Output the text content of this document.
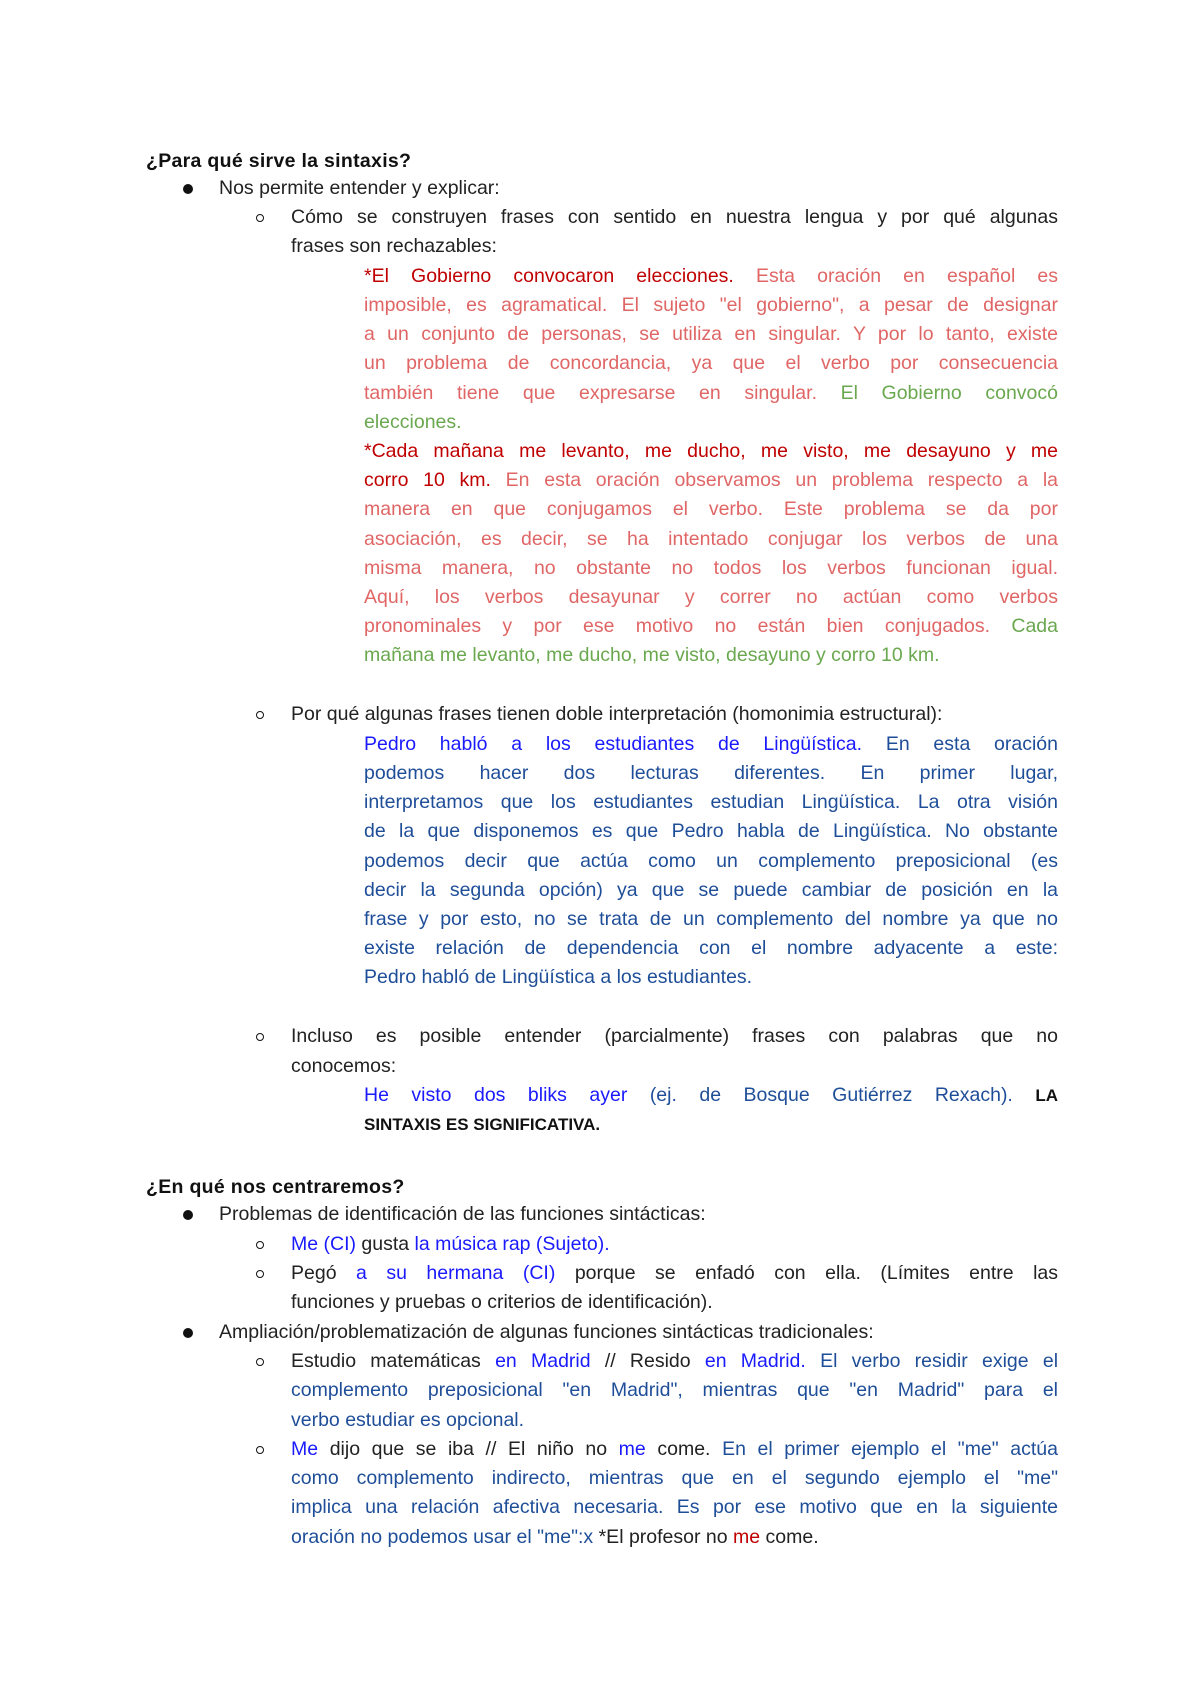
¿Para qué sirve la sintaxis?
Nos permite entender y explicar:
Cómo se construyen frases con sentido en nuestra lengua y por qué algunas
frases son rechazables:
*El Gobierno convocaron elecciones. Esta oración en español es
imposible, es agramatical. El sujeto "el gobierno", a pesar de designar
a un conjunto de personas, se utiliza en singular. Y por lo tanto, existe
un problema de concordancia, ya que el verbo por consecuencia
también tiene que expresarse en singular. El Gobierno convocó
elecciones.
*Cada mañana me levanto, me ducho, me visto, me desayuno y me
corro 10 km. En esta oración observamos un problema respecto a la
manera en que conjugamos el verbo. Este problema se da por
asociación, es decir, se ha intentado conjugar los verbos de una
misma manera, no obstante no todos los verbos funcionan igual.
Aquí, los verbos desayunar y correr no actúan como verbos
pronominales y por ese motivo no están bien conjugados. Cada
mañana me levanto, me ducho, me visto, desayuno y corro 10 km.
Por qué algunas frases tienen doble interpretación (homonimia estructural):
Pedro habló a los estudiantes de Lingüística. En esta oración
podemos hacer dos lecturas diferentes. En primer lugar,
interpretamos que los estudiantes estudian Lingüística. La otra visión
de la que disponemos es que Pedro habla de Lingüística. No obstante
podemos decir que actúa como un complemento preposicional (es
decir la segunda opción) ya que se puede cambiar de posición en la
frase y por esto, no se trata de un complemento del nombre ya que no
existe relación de dependencia con el nombre adyacente a este:
Pedro habló de Lingüística a los estudiantes.
Incluso es posible entender (parcialmente) frases con palabras que no
conocemos:
He visto dos bliks ayer (ej. de Bosque Gutiérrez Rexach). LA
SINTAXIS ES SIGNIFICATIVA.
¿En qué nos centraremos?
Problemas de identificación de las funciones sintácticas:
Me (CI) gusta la música rap (Sujeto).
Pegó a su hermana (CI) porque se enfadó con ella. (Límites entre las
funciones y pruebas o criterios de identificación).
Ampliación/problematización de algunas funciones sintácticas tradicionales:
Estudio matemáticas en Madrid // Resido en Madrid. El verbo residir exige el
complemento preposicional "en Madrid", mientras que "en Madrid" para el
verbo estudiar es opcional.
Me dijo que se iba // El niño no me come. En el primer ejemplo el "me" actúa
como complemento indirecto, mientras que en el segundo ejemplo el "me"
implica una relación afectiva necesaria. Es por ese motivo que en la siguiente
oración no podemos usar el "me":x *El profesor no me come.
